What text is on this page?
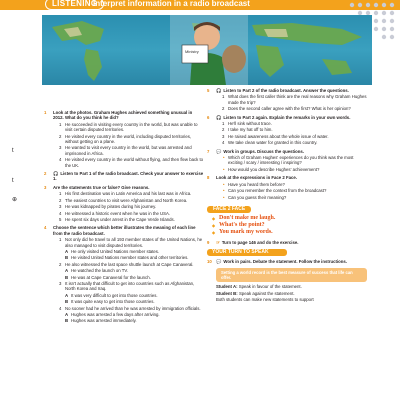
LISTENING
Interpret information in a radio broadcast
Ministry
t
t
⊕
1 Look at the photos. Graham Hughes achieved something unusual in 2012. What do you think he did?
1 He succeeded in visiting every country in the world, but was unable to visit certain disputed territories.
2 He visited every country in the world, including disputed territories, without getting on a plane.
3 He wanted to visit every country in the world, but was arrested and imprisoned in Africa.
4 He visited every country in the world without flying, and then flew back to the UK.
2 🎧 Listen to Part 1 of the radio broadcast. Check your answer to exercise 1.
3 Are the statements true or false? Give reasons.
1 His first destination was in Latin America and his last was in Africa.
2 The easiest countries to visit were Afghanistan and North Korea.
3 He was kidnapped by pirates during his journey.
4 He witnessed a historic event when he was in the USA.
5 He spent six days under arrest in the Cape Verde Islands.
4 Choose the sentence which better illustrates the meaning of each line from the radio broadcast.
1 Not only did he travel to all 193 member states of the United Nations, he also managed to visit disputed territories.
A He only visited United Nations member states.
B He visited United Nations member states and other territories.
2 He also witnessed the last space shuttle launch at Cape Canaveral.
A He watched the launch on TV.
B He was at Cape Canaveral for the launch.
3 It isn't actually that difficult to get into countries such as Afghanistan, North Korea and Iraq.
A It was very difficult to get into those countries.
B It was quite easy to get into those countries.
4 No sooner had he arrived than he was arrested by immigration officials.
A Hughes was arrested a few days after arriving.
B Hughes was arrested immediately.
5 🎧 Listen to Part 2 of the radio broadcast. Answer the questions.
1 What does the first caller think are the real reasons why Graham Hughes made the trip?
2 Does the second caller agree with the first? What is her opinion?
6 🎧 Listen to Part 2 again. Explain the remarks in your own words.
1 He'll sink without trace.
2 I take my hat off to him.
3 He raised awareness about the whole issue of water.
4 We take clean water for granted in this country.
7 💬 Work in groups. Discuss the questions.
• Which of Graham Hughes' experiences do you think was the most exciting / scary / interesting / inspiring?
• How would you describe Hughes' achievement?
8 Look at the expressions in Face 2 Face.
• Have you heard them before?
• Can you remember the context from the broadcast?
• Can you guess their meaning?
FACE 2 FACE
◆ Don't make me laugh.
◆ What's the point?
◆ You mark my words.
9 ☞ Turn to page 146 and do the exercise.
YOUR TURN TO SPEAK
10 💬 Work in pairs. Debate the statement. Follow the instructions.
Setting a world record is the best measure of success that life can offer.
Student A: Speak in favour of the statement.
Student B: Speak against the statement.
Both students can make new statements to support
